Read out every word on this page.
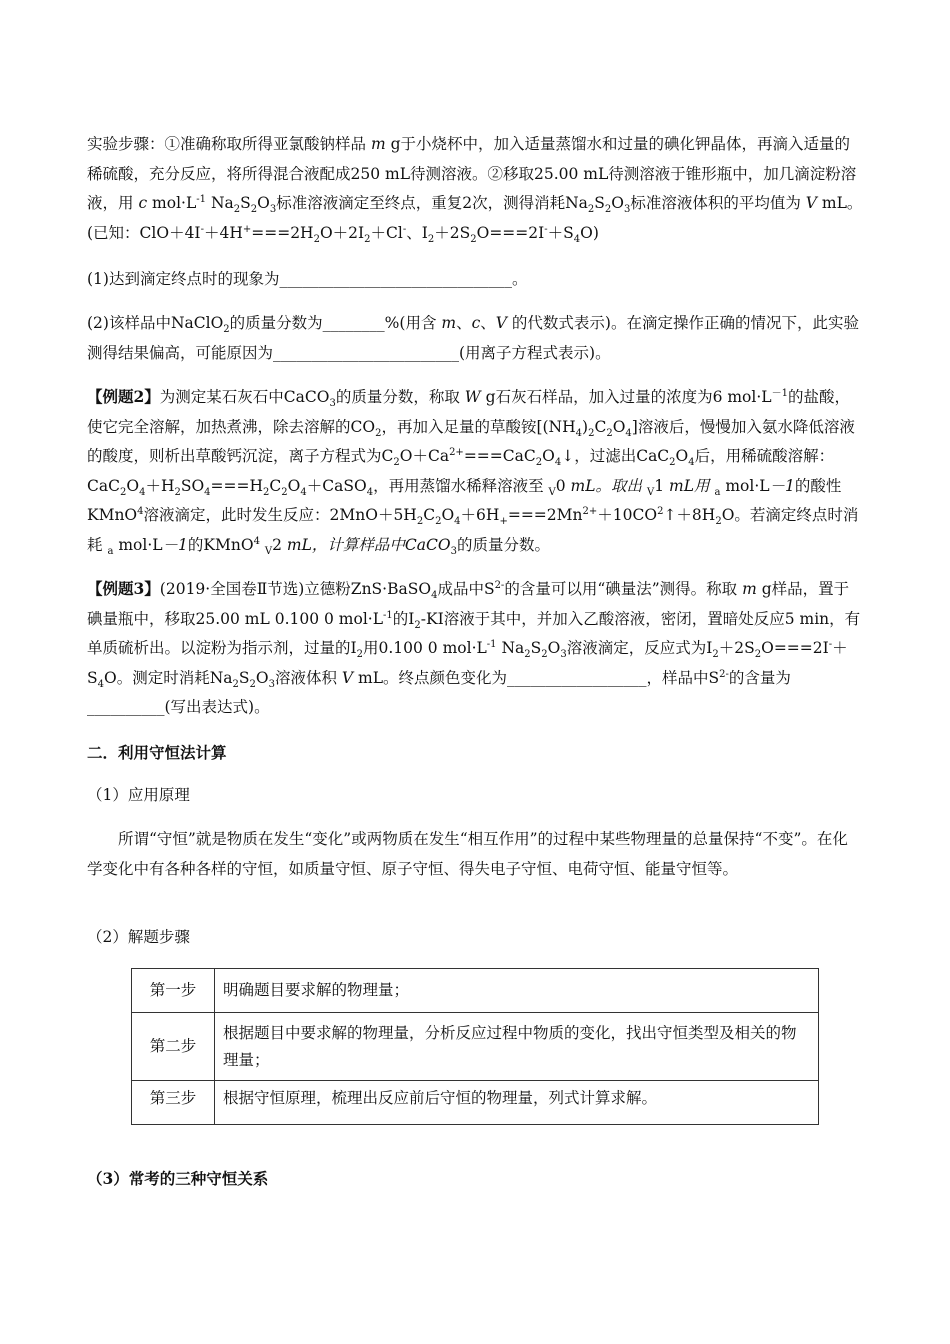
实验步骤：①准确称取所得亚氯酸钠样品 m g于小烧杯中，加入适量蒸馏水和过量的碘化钾晶体，再滴入适量的稀硫酸，充分反应，将所得混合液配成250 mL待测溶液。②移取25.00 mL待测溶液于锥形瓶中，加几滴淀粉溶液，用 c $mol\cdot L^{-1}$ $Na_2S_2O_3$标准溶液滴定至终点，重复2次，测得消耗$Na_2S_2O_3$标准溶液体积的平均值为 V mL。(已知：$ClO+4I^-+4H^+===2H_2O+2I_2+Cl^-$、$I_2+2S_2O===2I^-+S_4O$)

(1)达到滴定终点时的现象为______________________________。

(2)该样品中NaClO$_2$的质量分数为________%(用含 m、c、V 的代数式表示)。在滴定操作正确的情况下，此实验测得结果偏高，可能原因为________________________(用离子方程式表示)。

【例题2】为测定某石灰石中CaCO$_3$的质量分数，称取 W g石灰石样品，加入过量的浓度为6 $mol\cdot L^{-1}$的盐酸，使它完全溶解，加热煮沸，除去溶解的$CO_2$，再加入足量的草酸铵$[(NH_4)_2C_2O_4]$溶液后，慢慢加入氨水降低溶液的酸度，则析出草酸钙沉淀，离子方程式为$C_2O+Ca^{2+}===CaC_2O_4↓$，过滤出$CaC_2O_4$后，用稀硫酸溶解：$CaC_2O_4+H_2SO_4===H_2C_2O_4+CaSO_4$，再用蒸馏水稀释溶液至 $_V$0 mL。取出 $_V$1 mL用 $_a$ mol·L－1的酸性KMnO$^4$溶液滴定，此时发生反应：$2MnO+5H_2C_2O_4+6H_+===2Mn^{2+}+10CO^2↑+8H_2O$。若滴定终点时消耗 $_a$ mol·L－1的KMnO$^4$ $_V$2 mL，计算样品中CaCO$_3$的质量分数。

【例题3】(2019·全国卷Ⅱ节选)立德粉ZnS·BaSO$_4$成品中$S^{2-}$的含量可以用“碘量法”测得。称取 m g样品，置于碘量瓶中，移取25.00 mL 0.100 0 $mol\cdot L^{-1}$的$I_2-KI$溶液于其中，并加入乙酸溶液，密闭，置暗处反应5 min，有单质硫析出。以淀粉为指示剂，过量的$I_2$用0.100 0 $mol\cdot L^{-1}$ $Na_2S_2O_3$溶液滴定，反应式为$I_2+2S_2O===2I^-+S_4O$。测定时消耗$Na_2S_2O_3$溶液体积 V mL。终点颜色变化为__________________，样品中$S^{2-}$的含量为__________(写出表达式)。

二．利用守恒法计算

（1）应用原理

所谓“守恒”就是物质在发生“变化”或两物质在发生“相互作用”的过程中某些物理量的总量保持“不变”。在化学变化中有各种各样的守恒，如质量守恒、原子守恒、得失电子守恒、电荷守恒、能量守恒等。

（2）解题步骤

第一步	明确题目要求解的物理量；
第二步	根据题目中要求解的物理量，分析反应过程中物质的变化，找出守恒类型及相关的物理量；
第三步	根据守恒原理，梳理出反应前后守恒的物理量，列式计算求解。

（3）常考的三种守恒关系
